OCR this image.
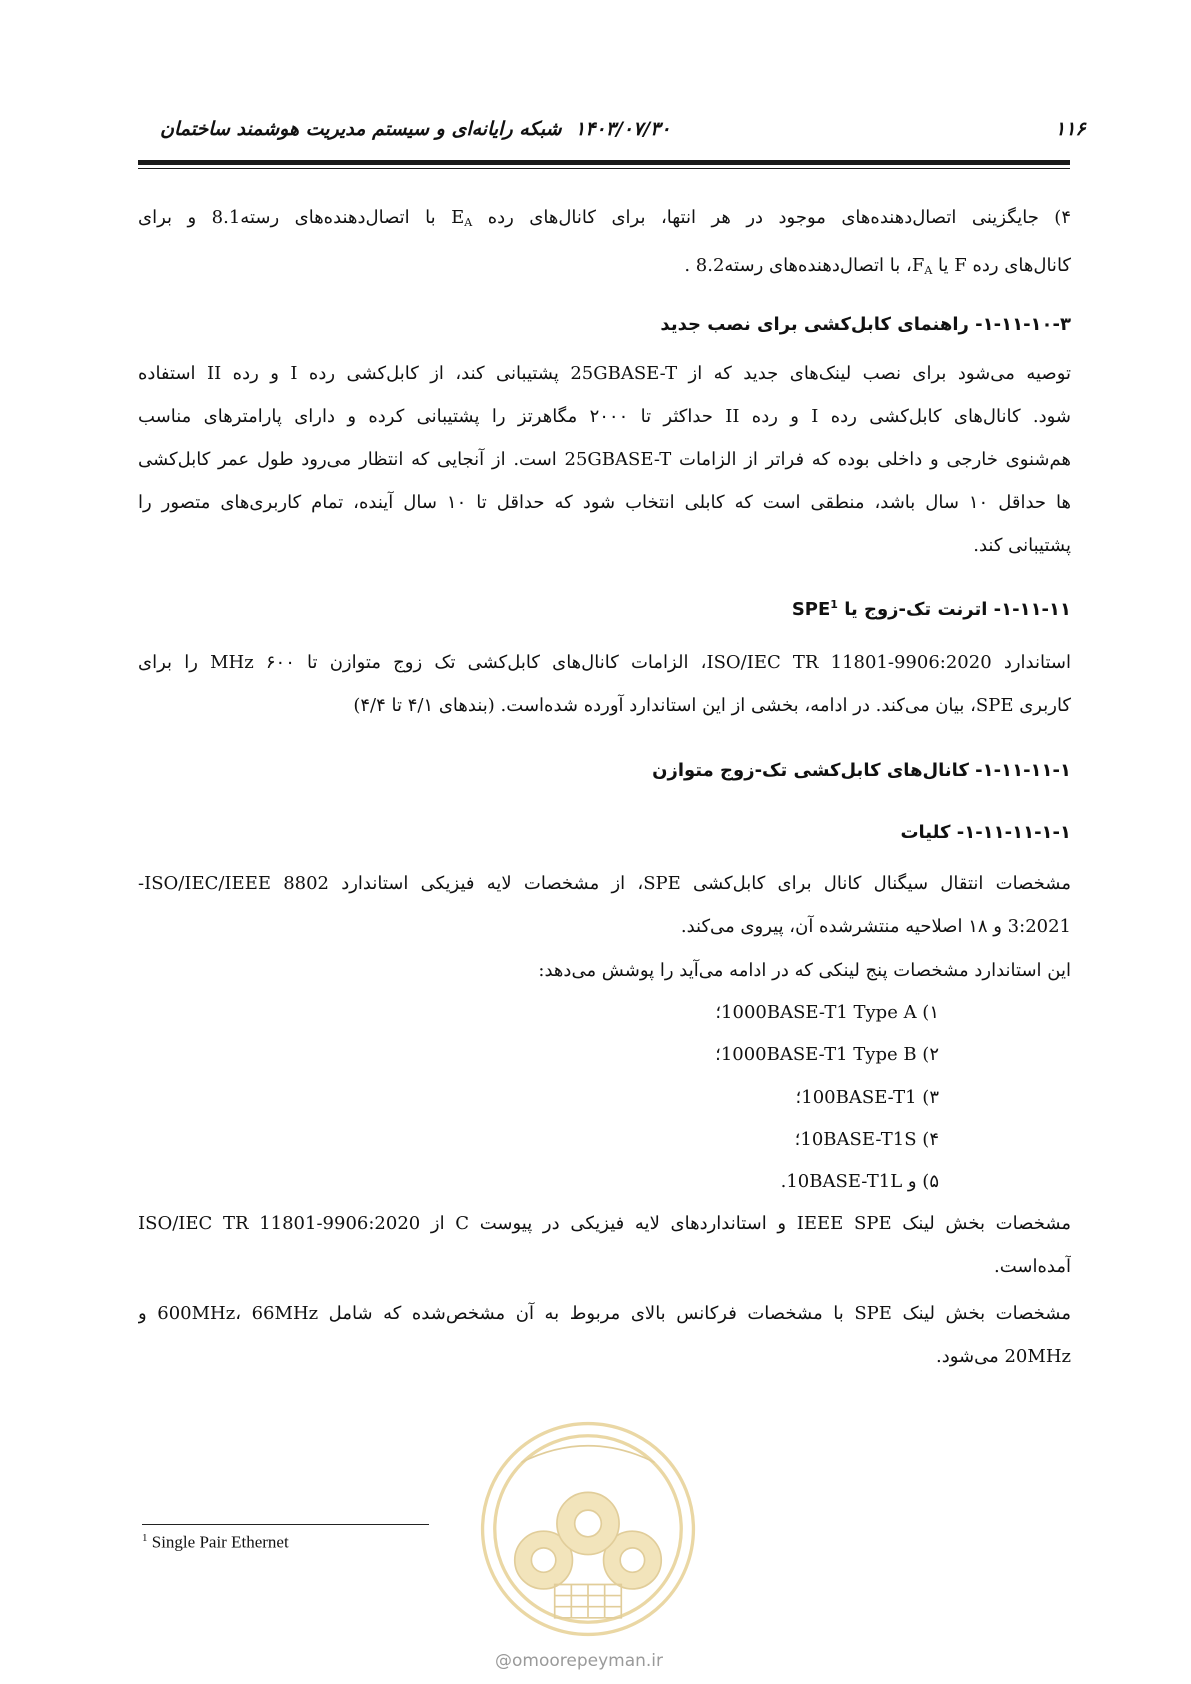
شبکه رایانه‌ای و سیستم مدیریت هوشمند ساختمان ۱۴۰۳/۰۷/۳۰	۱۱۶
۴) جایگزینی اتصال‌دهنده‌های موجود در هر انتها، برای کانال‌های رده $E_A$ با اتصال‌دهنده‌های رسته8.1 و برای
کانال‌های رده F یا $F_A،$ با اتصال‌دهنده‌های رسته8.2 .
۱-۱۱-۱۰-۳- راهنمای کابل‌کشی برای نصب جدید
توصیه می‌شود برای نصب لینک‌های جدید که از 25GBASE-T پشتیبانی کند، از کابل‌کشی رده I و رده II استفاده
شود. کانال‌های کابل‌کشی رده I و رده II حداکثر تا ۲۰۰۰ مگاهرتز را پشتیبانی کرده و دارای پارامترهای مناسب
هم‌شنوی خارجی و داخلی بوده که فراتر از الزامات 25GBASE-T است. از آنجایی که انتظار می‌رود طول عمر کابل‌کشی
ها حداقل ۱۰ سال باشد، منطقی است که کابلی انتخاب شود که حداقل تا ۱۰ سال آینده، تمام کاربری‌های متصور را
پشتیبانی کند.
۱-۱۱-۱۱- اترنت تک-زوج یا SPE$^1$
استاندارد ISO/IEC TR 11801-9906:2020، الزامات کانال‌های کابل‌کشی تک زوج متوازن تا ۶۰۰ MHz را برای
کاربری SPE، بیان می‌کند. در ادامه، بخشی از این استاندارد آورده شده‌است. (بندهای ۴/۱ تا ۴/۴)
۱-۱۱-۱۱-۱- کانال‌های کابل‌کشی تک-زوج متوازن
۱-۱۱-۱۱-۱-۱- کلیات
مشخصات انتقال سیگنال کانال برای کابل‌کشی SPE، از مشخصات لایه فیزیکی استاندارد ISO/IEC/IEEE 8802-
3:2021 و ۱۸ اصلاحیه منتشرشده آن، پیروی می‌کند.
این استاندارد مشخصات پنج لینکی که در ادامه می‌آید را پوشش می‌دهد:
۱) 1000BASE-T1 Type A؛
۲) 1000BASE-T1 Type B؛
۳) 100BASE-T1؛
۴) 10BASE-T1S؛
۵) و 10BASE-T1L.
مشخصات بخش لینک IEEE SPE و استانداردهای لایه فیزیکی در پیوست C از ISO/IEC TR 11801-9906:2020
آمده‌است.
مشخصات بخش لینک SPE با مشخصات فرکانس بالای مربوط به آن مشخص‌شده که شامل 600MHz، 66MHz و
20MHz می‌شود.
$^1$ Single Pair Ethernet
@omoorepeyman.ir
